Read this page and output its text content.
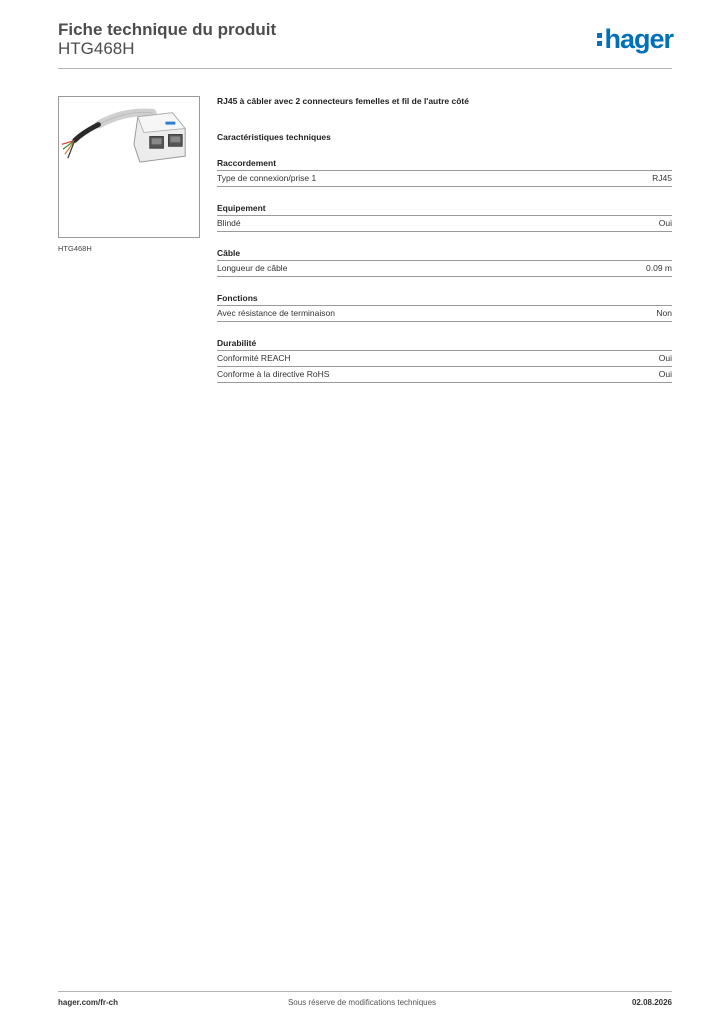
Fiche technique du produit
HTG468H	hager
HTG468H

RJ45 à câbler avec 2 connecteurs femelles et fil de l'autre côté

Caractéristiques techniques

Raccordement
Type de connexion/prise 1	RJ45
Equipement
Blindé	Oui
Câble
Longueur de câble	0.09 m
Fonctions
Avec résistance de terminaison	Non
Durabilité
Conformité REACH	Oui
Conforme à la directive RoHS	Oui
hager.com/fr-ch	Sous réserve de modifications techniques	02.08.2026
